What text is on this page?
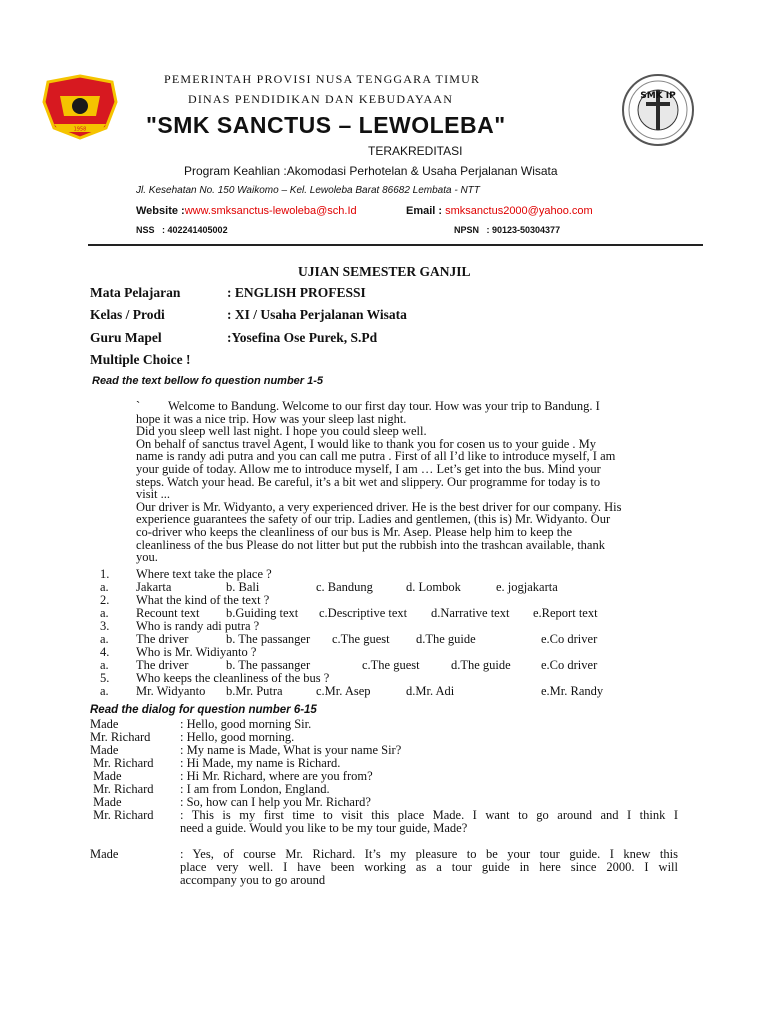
1958
SMK IP
PEMERINTAH PROVISI NUSA TENGGARA TIMUR
DINAS PENDIDIKAN DAN KEBUDAYAAN
"SMK SANCTUS – LEWOLEBA"
TERAKREDITASI
Program Keahlian :Akomodasi Perhotelan & Usaha Perjalanan Wisata
Jl. Kesehatan No. 150 Waikomo – Kel. Lewoleba Barat 86682 Lembata - NTT
Website :www.smksanctus-lewoleba@sch.Id	Email : smksanctus2000@yahoo.com
NSS   : 402241405002	NPSN   : 90123-50304377
UJIAN SEMESTER GANJIL
Mata Pelajaran	: ENGLISH PROFESSI
Kelas / Prodi	: XI / Usaha Perjalanan Wisata
Guru Mapel	:Yosefina Ose Purek, S.Pd
Multiple Choice !
Read the text bellow fo question number 1-5
`         Welcome to Bandung. Welcome to our first day tour. How was your trip to Bandung. I
hope it was a nice trip. How was your sleep last night.
Did you sleep well last night. I hope you could sleep well.
On behalf of sanctus travel Agent, I would like to thank you for cosen us to your guide . My
name is randy adi putra and you can call me putra . First of all I’d like to introduce myself, I am
your guide of today. Allow me to introduce myself, I am … Let’s get into the bus. Mind your
steps. Watch your head. Be careful, it’s a bit wet and slippery. Our programme for today is to
visit ...
Our driver is Mr. Widyanto, a very experienced driver. He is the best driver for our company. His
experience guarantees the safety of our trip. Ladies and gentlemen, (this is) Mr. Widyanto. Our
co-driver who keeps the cleanliness of our bus is Mr. Asep. Please help him to keep the
cleanliness of the bus Please do not litter but put the rubbish into the trashcan available, thank
you.
1. Where text take the place ?
a. Jakarta	b. Bali	c. Bandung	d. Lombok	e. jogjakarta
2. What the kind of the text ?
a. Recount text b.Guiding text c.Descriptive text d.Narrative text e.Report text
3. Who is randy adi putra ?
a. The driver	b. The passanger c.The guest d.The guide	e.Co driver
4. Who is Mr. Widiyanto ?
a. The driver	b. The passanger	c.The guest	d.The guide e.Co driver
5. Who keeps the cleanliness of the bus ?
a. Mr. Widyanto b.Mr. Putra	c.Mr. Asep	d.Mr. Adi	e.Mr. Randy
Read the dialog for question number 6-15
Made	: Hello, good morning Sir.
Mr. Richard : Hello, good morning.
Made	: My name is Made, What is your name Sir?
Mr. Richard : Hi Made, my name is Richard.
Made	: Hi Mr. Richard, where are you from?
Mr. Richard : I am from London, England.
Made	: So, how can I help you Mr. Richard?
Mr. Richard : This is my first time to visit this place Made. I want to go around and I think I
need a guide. Would you like to be my tour guide, Made?
Made	: Yes, of course Mr. Richard. It’s my pleasure to be your tour guide. I knew this
place very well. I have been working as a tour guide in here since 2000. I will
accompany you to go around
